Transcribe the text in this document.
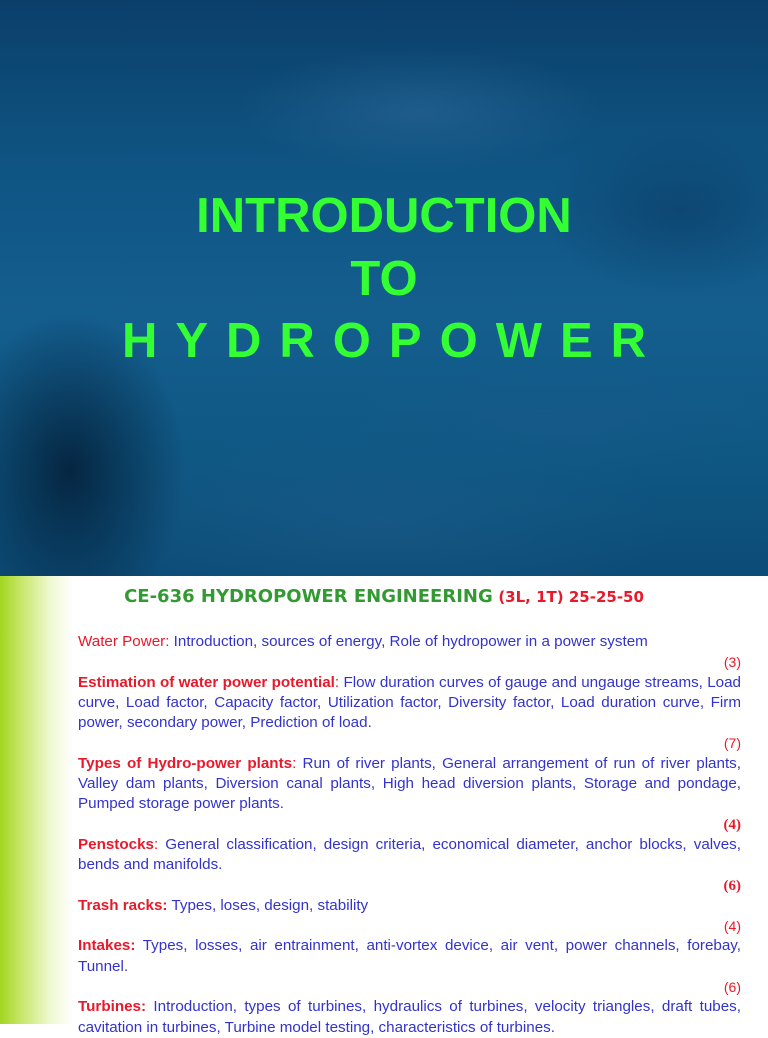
INTRODUCTION
TO
HYDROPOWER
CE-636 HYDROPOWER ENGINEERING (3L, 1T) 25-25-50

Water Power: Introduction, sources of energy, Role of hydropower in a power system

(3)

Estimation of water power potential: Flow duration curves of gauge and ungauge streams, Load curve, Load factor, Capacity factor, Utilization factor, Diversity factor, Load duration curve, Firm power, secondary power, Prediction of load.

(7)

Types of Hydro-power plants: Run of river plants, General arrangement of run of river plants, Valley dam plants, Diversion canal plants, High head diversion plants, Storage and pondage, Pumped storage power plants.

(4)

Penstocks: General classification, design criteria, economical diameter, anchor blocks, valves, bends and manifolds.

(6)

Trash racks: Types, loses, design, stability

(4)

Intakes: Types, losses, air entrainment, anti-vortex device, air vent, power channels, forebay, Tunnel.

(6)

Turbines: Introduction, types of turbines, hydraulics of turbines, velocity triangles, draft tubes, cavitation in turbines, Turbine model testing, characteristics of turbines.
